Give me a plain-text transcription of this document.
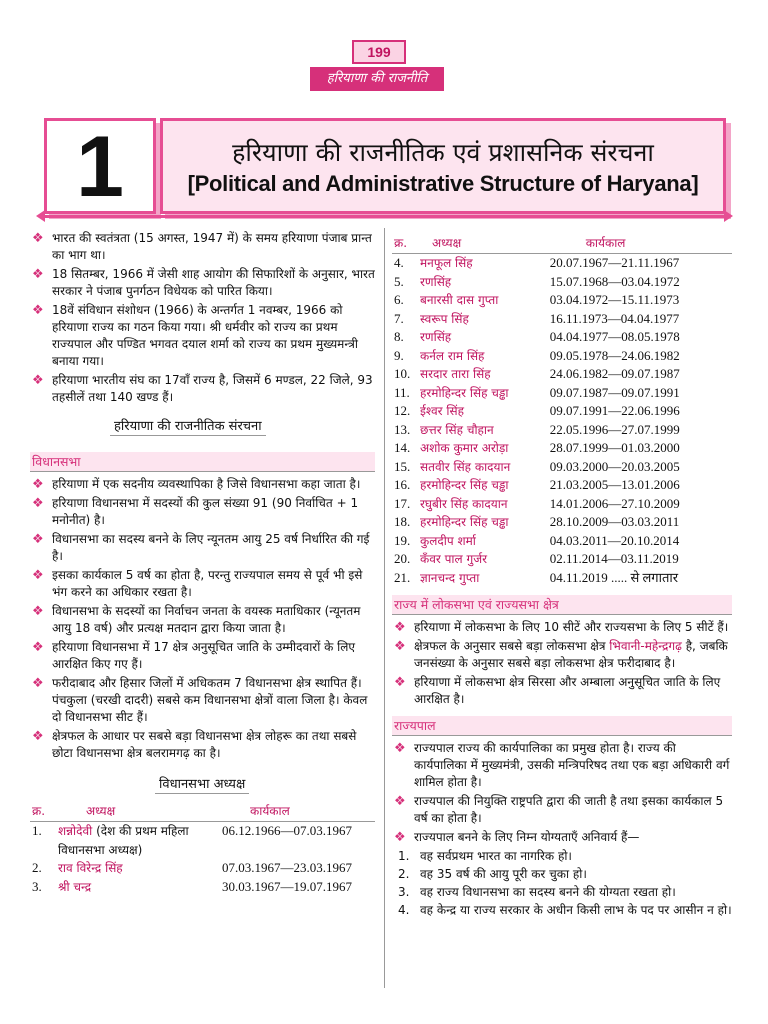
199
हरियाणा की राजनीति
1	हरियाणा की राजनीतिक एवं प्रशासनिक संरचना
[Political and Administrative Structure of Haryana]
❖ भारत की स्वतंत्रता (15 अगस्त, 1947 में) के समय हरियाणा पंजाब प्रान्त का भाग था।
❖ 18 सितम्बर, 1966 में जेसी शाह आयोग की सिफारिशों के अनुसार, भारत सरकार ने पंजाब पुनर्गठन विधेयक को पारित किया।
❖ 18वें संविधान संशोधन (1966) के अन्तर्गत 1 नवम्बर, 1966 को हरियाणा राज्य का गठन किया गया। श्री धर्मवीर को राज्य का प्रथम राज्यपाल और पण्डित भगवत दयाल शर्मा को राज्य का प्रथम मुख्यमन्त्री बनाया गया।
❖ हरियाणा भारतीय संघ का 17वाँ राज्य है, जिसमें 6 मण्डल, 22 जिले, 93 तहसीलें तथा 140 खण्ड हैं।
हरियाणा की राजनीतिक संरचना
विधानसभा
❖ हरियाणा में एक सदनीय व्यवस्थापिका है जिसे विधानसभा कहा जाता है।
❖ हरियाणा विधानसभा में सदस्यों की कुल संख्या 91 (90 निर्वाचित + 1 मनोनीत) है।
❖ विधानसभा का सदस्य बनने के लिए न्यूनतम आयु 25 वर्ष निर्धारित की गई है।
❖ इसका कार्यकाल 5 वर्ष का होता है, परन्तु राज्यपाल समय से पूर्व भी इसे भंग करने का अधिकार रखता है।
❖ विधानसभा के सदस्यों का निर्वाचन जनता के वयस्क मताधिकार (न्यूनतम आयु 18 वर्ष) और प्रत्यक्ष मतदान द्वारा किया जाता है।
❖ हरियाणा विधानसभा में 17 क्षेत्र अनुसूचित जाति के उम्मीदवारों के लिए आरक्षित किए गए हैं।
❖ फरीदाबाद और हिसार जिलों में अधिकतम 7 विधानसभा क्षेत्र स्थापित हैं। पंचकुला (चरखी दादरी) सबसे कम विधानसभा क्षेत्रों वाला जिला है। केवल दो विधानसभा सीट हैं।
❖ क्षेत्रफल के आधार पर सबसे बड़ा विधानसभा क्षेत्र लोहरू का तथा सबसे छोटा विधानसभा क्षेत्र बलरामगढ़ का है।
विधानसभा अध्यक्ष
क्र.	अध्यक्ष	कार्यकाल
1.	शन्नोदेवी (देश की प्रथम महिला विधानसभा अध्यक्ष)	06.12.1966—07.03.1967
2.	राव विरेन्द्र सिंह	07.03.1967—23.03.1967
3.	श्री चन्द्र	30.03.1967—19.07.1967
क्र.	अध्यक्ष	कार्यकाल
4.	मनफूल सिंह	20.07.1967—21.11.1967
5.	रणसिंह	15.07.1968—03.04.1972
6.	बनारसी दास गुप्ता	03.04.1972—15.11.1973
7.	स्वरूप सिंह	16.11.1973—04.04.1977
8.	रणसिंह	04.04.1977—08.05.1978
9.	कर्नल राम सिंह	09.05.1978—24.06.1982
10.	सरदार तारा सिंह	24.06.1982—09.07.1987
11.	हरमोहिन्दर सिंह चड्ढा	09.07.1987—09.07.1991
12.	ईश्वर सिंह	09.07.1991—22.06.1996
13.	छत्तर सिंह चौहान	22.05.1996—27.07.1999
14.	अशोक कुमार अरोड़ा	28.07.1999—01.03.2000
15.	सतवीर सिंह कादयान	09.03.2000—20.03.2005
16.	हरमोहिन्दर सिंह चड्ढा	21.03.2005—13.01.2006
17.	रघुबीर सिंह कादयान	14.01.2006—27.10.2009
18.	हरमोहिन्दर सिंह चड्ढा	28.10.2009—03.03.2011
19.	कुलदीप शर्मा	04.03.2011—20.10.2014
20.	कँवर पाल गुर्जर	02.11.2014—03.11.2019
21.	ज्ञानचन्द गुप्ता	04.11.2019 ..... से लगातार
राज्य में लोकसभा एवं राज्यसभा क्षेत्र
❖ हरियाणा में लोकसभा के लिए 10 सीटें और राज्यसभा के लिए 5 सीटें हैं।
❖ क्षेत्रफल के अनुसार सबसे बड़ा लोकसभा क्षेत्र भिवानी-महेन्द्रगढ़ है, जबकि जनसंख्या के अनुसार सबसे बड़ा लोकसभा क्षेत्र फरीदाबाद है।
❖ हरियाणा में लोकसभा क्षेत्र सिरसा और अम्बाला अनुसूचित जाति के लिए आरक्षित है।
राज्यपाल
❖ राज्यपाल राज्य की कार्यपालिका का प्रमुख होता है। राज्य की कार्यपालिका में मुख्यमंत्री, उसकी मन्त्रिपरिषद तथा एक बड़ा अधिकारी वर्ग शामिल होता है।
❖ राज्यपाल की नियुक्ति राष्ट्रपति द्वारा की जाती है तथा इसका कार्यकाल 5 वर्ष का होता है।
❖ राज्यपाल बनने के लिए निम्न योग्यताएँ अनिवार्य हैं—
1. वह सर्वप्रथम भारत का नागरिक हो।
2. वह 35 वर्ष की आयु पूरी कर चुका हो।
3. वह राज्य विधानसभा का सदस्य बनने की योग्यता रखता हो।
4. वह केन्द्र या राज्य सरकार के अधीन किसी लाभ के पद पर आसीन न हो।
